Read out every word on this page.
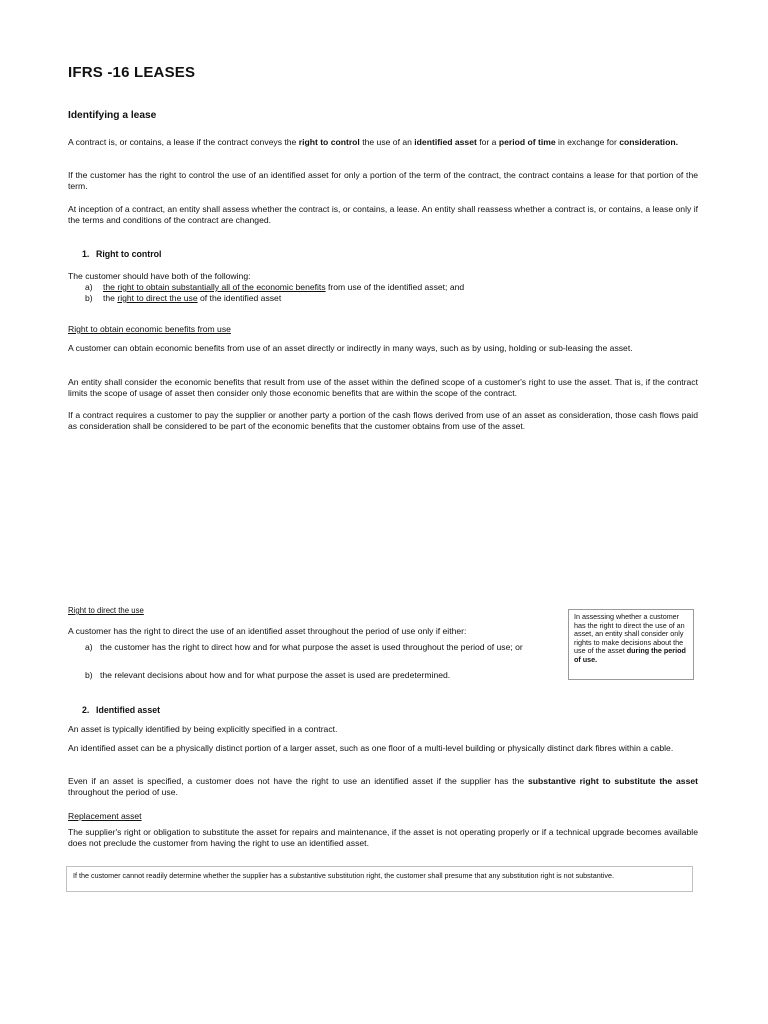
IFRS -16 LEASES
Identifying a lease

A contract is, or contains, a lease if the contract conveys the right to control the use of an identified asset for a period of time in exchange for consideration.

If the customer has the right to control the use of an identified asset for only a portion of the term of the contract, the contract contains a lease for that portion of the term.

At inception of a contract, an entity shall assess whether the contract is, or contains, a lease. An entity shall reassess whether a contract is, or contains, a lease only if the terms and conditions of the contract are changed.

1. Right to control
The customer should have both of the following:
a) the right to obtain substantially all of the economic benefits from use of the identified asset; and
b) the right to direct the use of the identified asset
Right to obtain economic benefits from use

A customer can obtain economic benefits from use of an asset directly or indirectly in many ways, such as by using, holding or sub-leasing the asset.

An entity shall consider the economic benefits that result from use of the asset within the defined scope of a customer's right to use the asset. That is, if the contract limits the scope of usage of asset then consider only those economic benefits that are within the scope of the contract.

If a contract requires a customer to pay the supplier or another party a portion of the cash flows derived from use of an asset as consideration, those cash flows paid as consideration shall be considered to be part of the economic benefits that the customer obtains from use of the asset.

Right to direct the use
A customer has the right to direct the use of an identified asset throughout the period of use only if either:
a) the customer has the right to direct how and for what purpose the asset is used throughout the period of use; or
b) the relevant decisions about how and for what purpose the asset is used are predetermined.
In assessing whether a customer has the right to direct the use of an asset, an entity shall consider only rights to make decisions about the use of the asset during the period of use.
2. Identified asset

An asset is typically identified by being explicitly specified in a contract.

An identified asset can be a physically distinct portion of a larger asset, such as one floor of a multi-level building or physically distinct dark fibres within a cable.

Even if an asset is specified, a customer does not have the right to use an identified asset if the supplier has the substantive right to substitute the asset throughout the period of use.

Replacement asset

The supplier's right or obligation to substitute the asset for repairs and maintenance, if the asset is not operating properly or if a technical upgrade becomes available does not preclude the customer from having the right to use an identified asset.

If the customer cannot readily determine whether the supplier has a substantive substitution right, the customer shall presume that any substitution right is not substantive.
